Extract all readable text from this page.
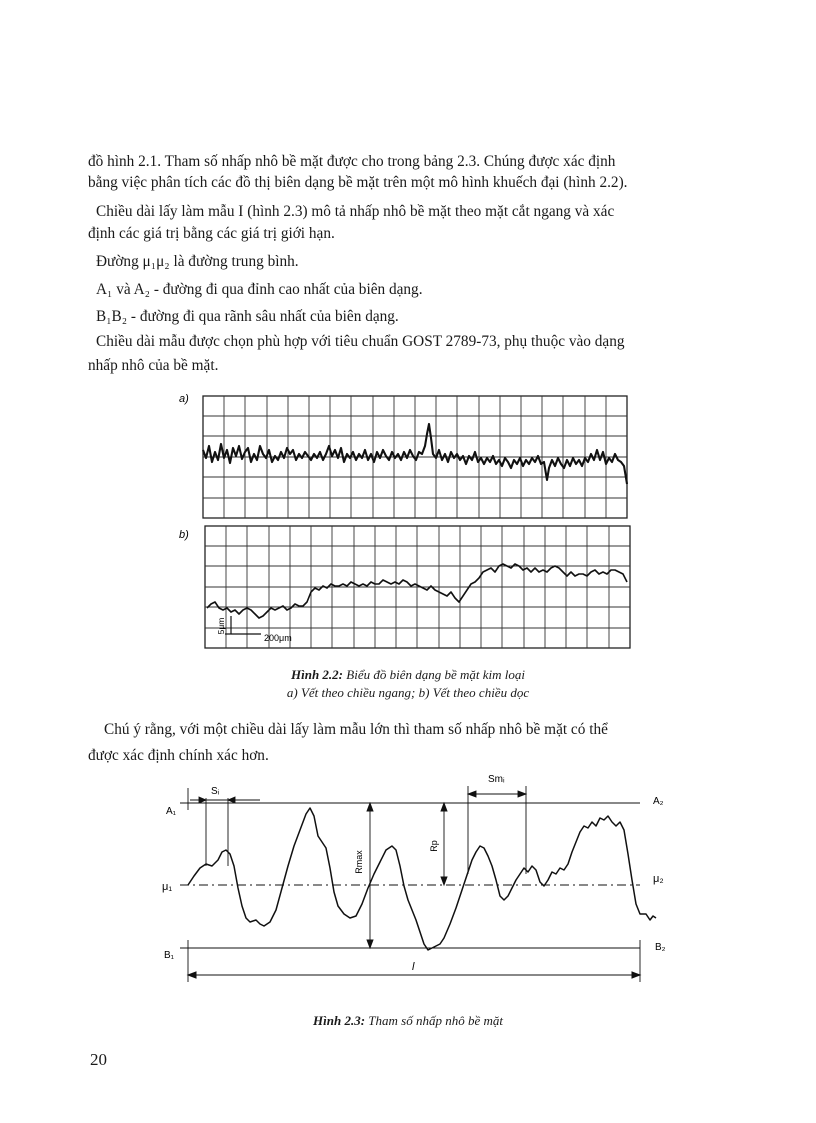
đồ hình 2.1. Tham số nhấp nhô bề mặt được cho trong bảng 2.3. Chúng được xác định
bằng việc phân tích các đồ thị biên dạng bề mặt trên một mô hình khuếch đại (hình 2.2).
Chiều dài lấy làm mẫu I (hình 2.3) mô tả nhấp nhô bề mặt theo mặt cắt ngang và xác
định các giá trị bằng các giá trị giới hạn.
Đường μ₁μ₂ là đường trung bình.
A₁ và A₂ - đường đi qua đỉnh cao nhất của biên dạng.
B₁B₂ - đường đi qua rãnh sâu nhất của biên dạng.
Chiều dài mẫu được chọn phù hợp với tiêu chuẩn GOST 2789-73, phụ thuộc vào dạng
nhấp nhô của bề mặt.
a)
b)
5μm
200μm
Hình 2.2: Biểu đồ biên dạng bề mặt kim loại
a) Vết theo chiều ngang; b) Vết theo chiều dọc
Chú ý rằng, với một chiều dài lấy làm mẫu lớn thì tham số nhấp nhô bề mặt có thể
được xác định chính xác hơn.
A₁
A₂
μ₁
μ₂
B₁
B₂
Sᵢ
Smᵢ
Rmax
Rp
l
Hình 2.3: Tham số nhấp nhô bề mặt
20
